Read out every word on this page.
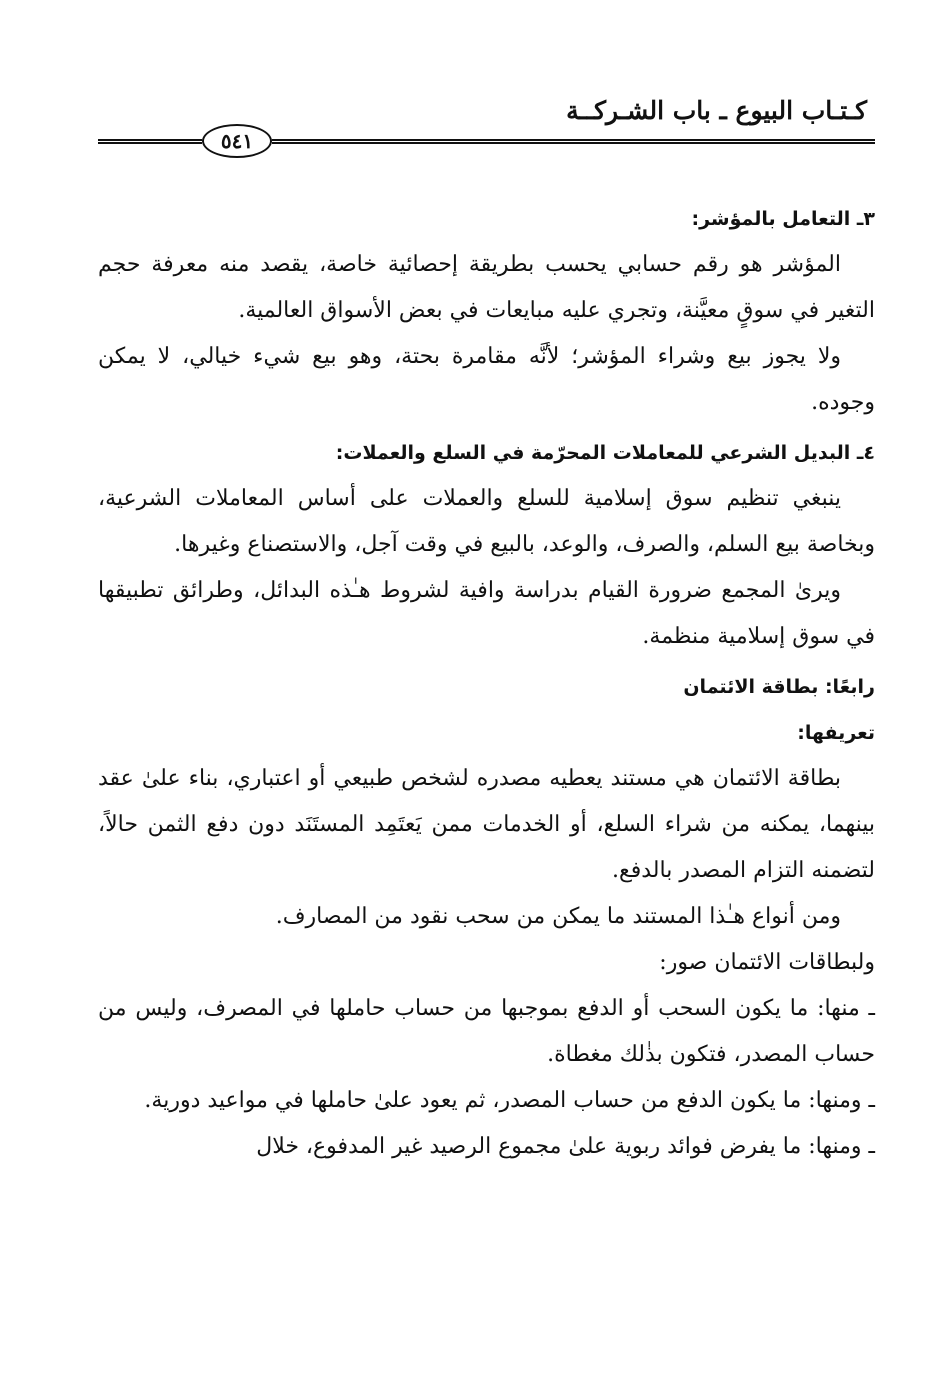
كـتـاب البيوع ـ باب الشـركــة
٥٤١
٣ـ التعامل بالمؤشر:

المؤشر هو رقم حسابي يحسب بطريقة إحصائية خاصة، يقصد منه معرفة حجم التغير في سوقٍ معيَّنة، وتجري عليه مبايعات في بعض الأسواق العالمية.

ولا يجوز بيع وشراء المؤشر؛ لأنَّه مقامرة بحتة، وهو بيع شيء خيالي، لا يمكن وجوده.

٤ـ البديل الشرعي للمعاملات المحرّمة في السلع والعملات:

ينبغي تنظيم سوق إسلامية للسلع والعملات على أساس المعاملات الشرعية، وبخاصة بيع السلم، والصرف، والوعد، بالبيع في وقت آجل، والاستصناع وغيرها.

ويرىٰ المجمع ضرورة القيام بدراسة وافية لشروط هـٰذه البدائل، وطرائق تطبيقها في سوق إسلامية منظمة.

رابعًا: بطاقة الائتمان
تعريفها:

بطاقة الائتمان هي مستند يعطيه مصدره لشخص طبيعي أو اعتباري، بناء علىٰ عقد بينهما، يمكنه من شراء السلع، أو الخدمات ممن يَعتَمِد المستَنَد دون دفع الثمن حالاً، لتضمنه التزام المصدر بالدفع.

ومن أنواع هـٰذا المستند ما يمكن من سحب نقود من المصارف.

ولبطاقات الائتمان صور:

ـ منها: ما يكون السحب أو الدفع بموجبها من حساب حاملها في المصرف، وليس من حساب المصدر، فتكون بذٰلك مغطاة.

ـ ومنها: ما يكون الدفع من حساب المصدر، ثم يعود علىٰ حاملها في مواعيد دورية.

ـ ومنها: ما يفرض فوائد ربوية علىٰ مجموع الرصيد غير المدفوع، خلال
